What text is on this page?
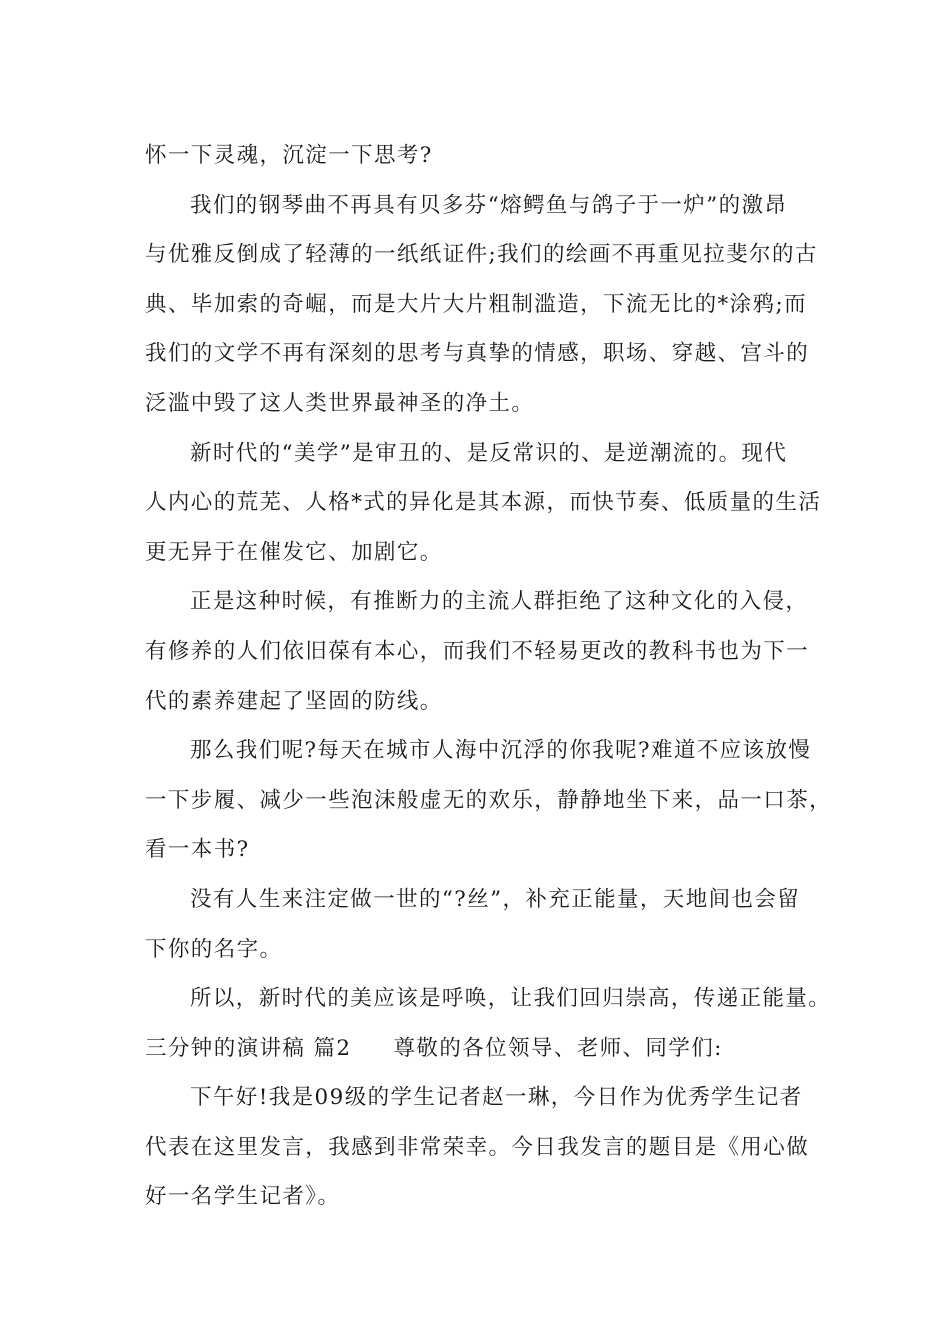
怀一下灵魂，沉淀一下思考?
我们的钢琴曲不再具有贝多芬“熔鳄鱼与鸽子于一炉”的激昂
与优雅反倒成了轻薄的一纸纸证件;我们的绘画不再重见拉斐尔的古
典、毕加索的奇崛，而是大片大片粗制滥造，下流无比的*涂鸦;而
我们的文学不再有深刻的思考与真挚的情感，职场、穿越、宫斗的
泛滥中毁了这人类世界最神圣的净土。
新时代的“美学”是审丑的、是反常识的、是逆潮流的。现代
人内心的荒芜、人格*式的异化是其本源，而快节奏、低质量的生活
更无异于在催发它、加剧它。
正是这种时候，有推断力的主流人群拒绝了这种文化的入侵，
有修养的人们依旧葆有本心，而我们不轻易更改的教科书也为下一
代的素养建起了坚固的防线。
那么我们呢?每天在城市人海中沉浮的你我呢?难道不应该放慢
一下步履、减少一些泡沫般虚无的欢乐，静静地坐下来，品一口茶，
看一本书?
没有人生来注定做一世的“?丝”，补充正能量，天地间也会留
下你的名字。
所以，新时代的美应该是呼唤，让我们回归崇高，传递正能量。
三分钟的演讲稿 篇2 尊敬的各位领导、老师、同学们:
下午好!我是09级的学生记者赵一琳，今日作为优秀学生记者
代表在这里发言，我感到非常荣幸。今日我发言的题目是《用心做
好一名学生记者》。
